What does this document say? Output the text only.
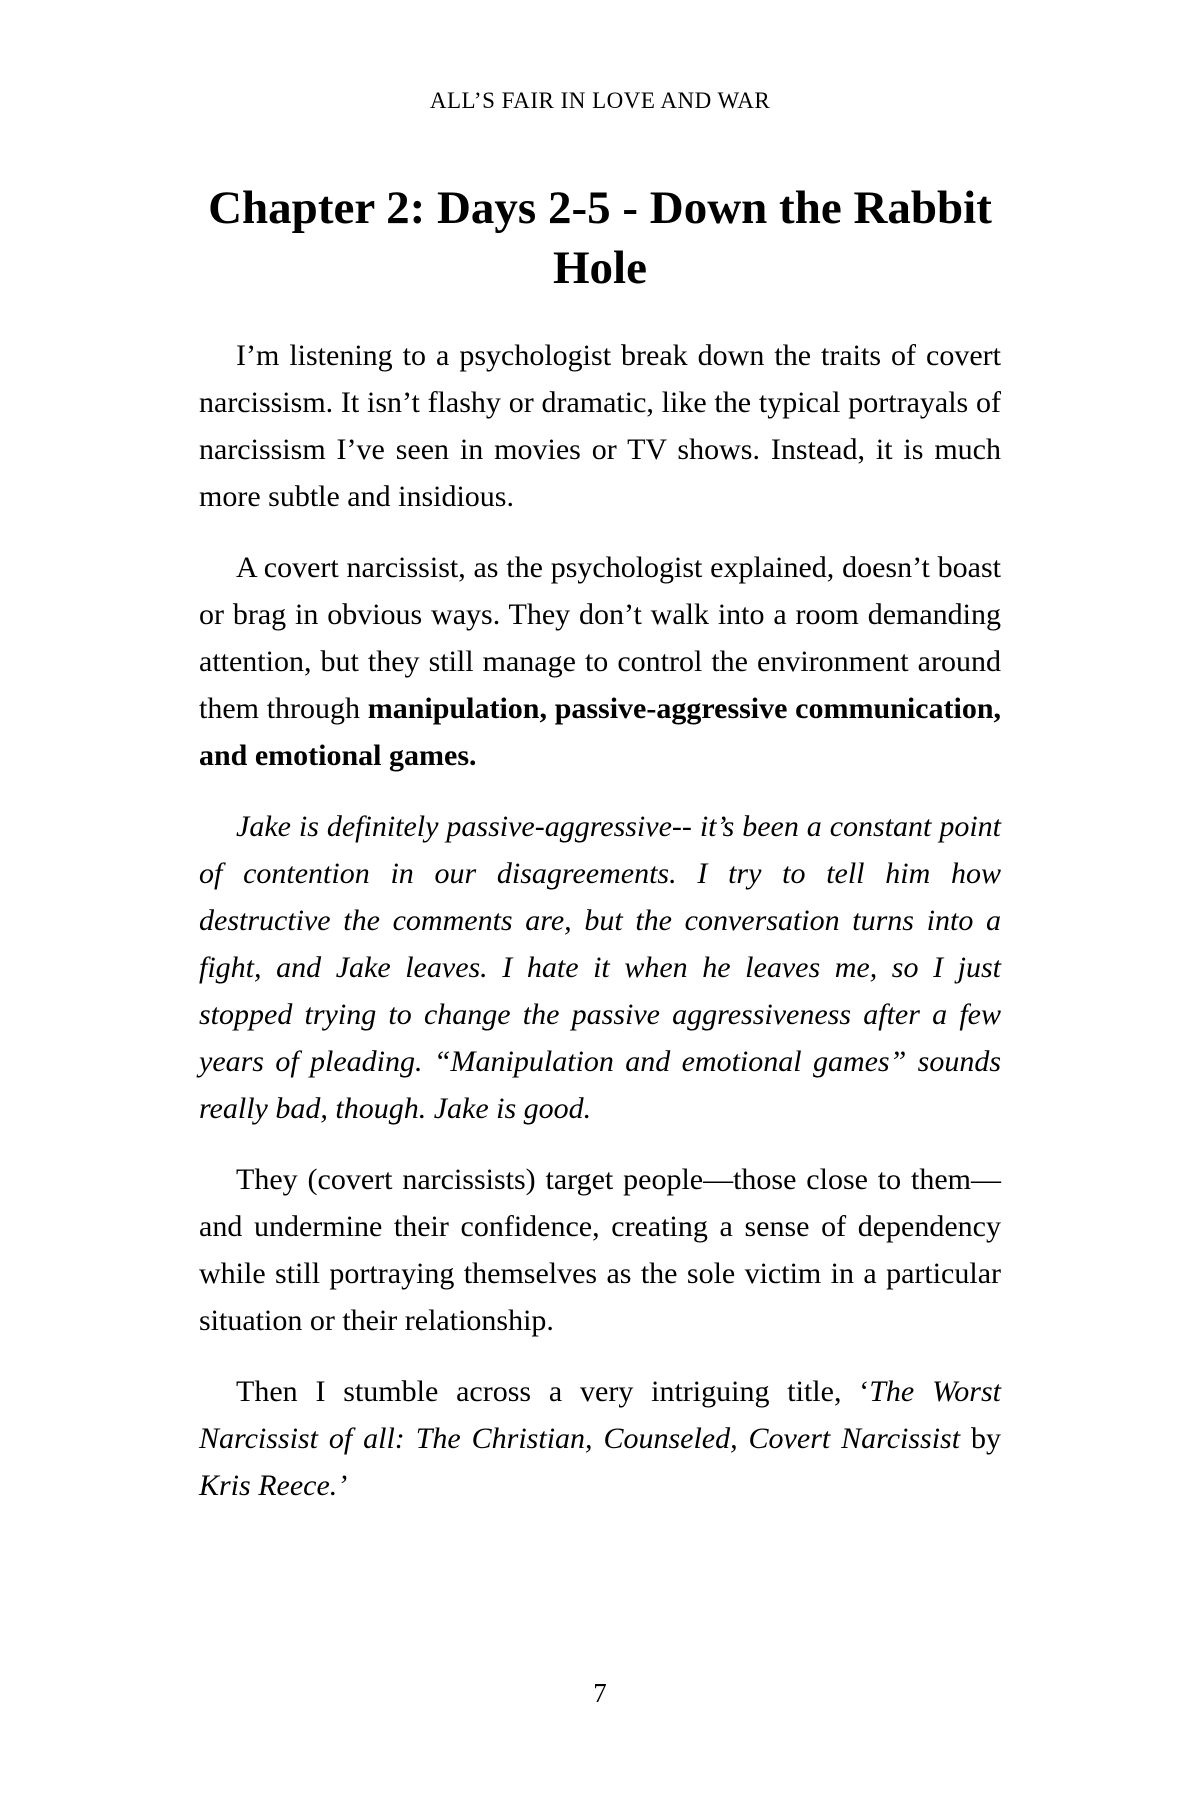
ALL’S FAIR IN LOVE AND WAR
Chapter 2: Days 2-5 - Down the Rabbit Hole

I’m listening to a psychologist break down the traits of covert narcissism. It isn’t flashy or dramatic, like the typical portrayals of narcissism I’ve seen in movies or TV shows. Instead, it is much more subtle and insidious.

A covert narcissist, as the psychologist explained, doesn’t boast or brag in obvious ways. They don’t walk into a room demanding attention, but they still manage to control the environment around them through manipulation, passive-aggressive communication, and emotional games.

Jake is definitely passive-aggressive-- it’s been a constant point of contention in our disagreements. I try to tell him how destructive the comments are, but the conversation turns into a fight, and Jake leaves. I hate it when he leaves me, so I just stopped trying to change the passive aggressiveness after a few years of pleading. “Manipulation and emotional games” sounds really bad, though. Jake is good.

They (covert narcissists) target people—those close to them—and undermine their confidence, creating a sense of dependency while still portraying themselves as the sole victim in a particular situation or their relationship.

Then I stumble across a very intriguing title, ‘The Worst Narcissist of all: The Christian, Counseled, Covert Narcissist by Kris Reece.’

7
